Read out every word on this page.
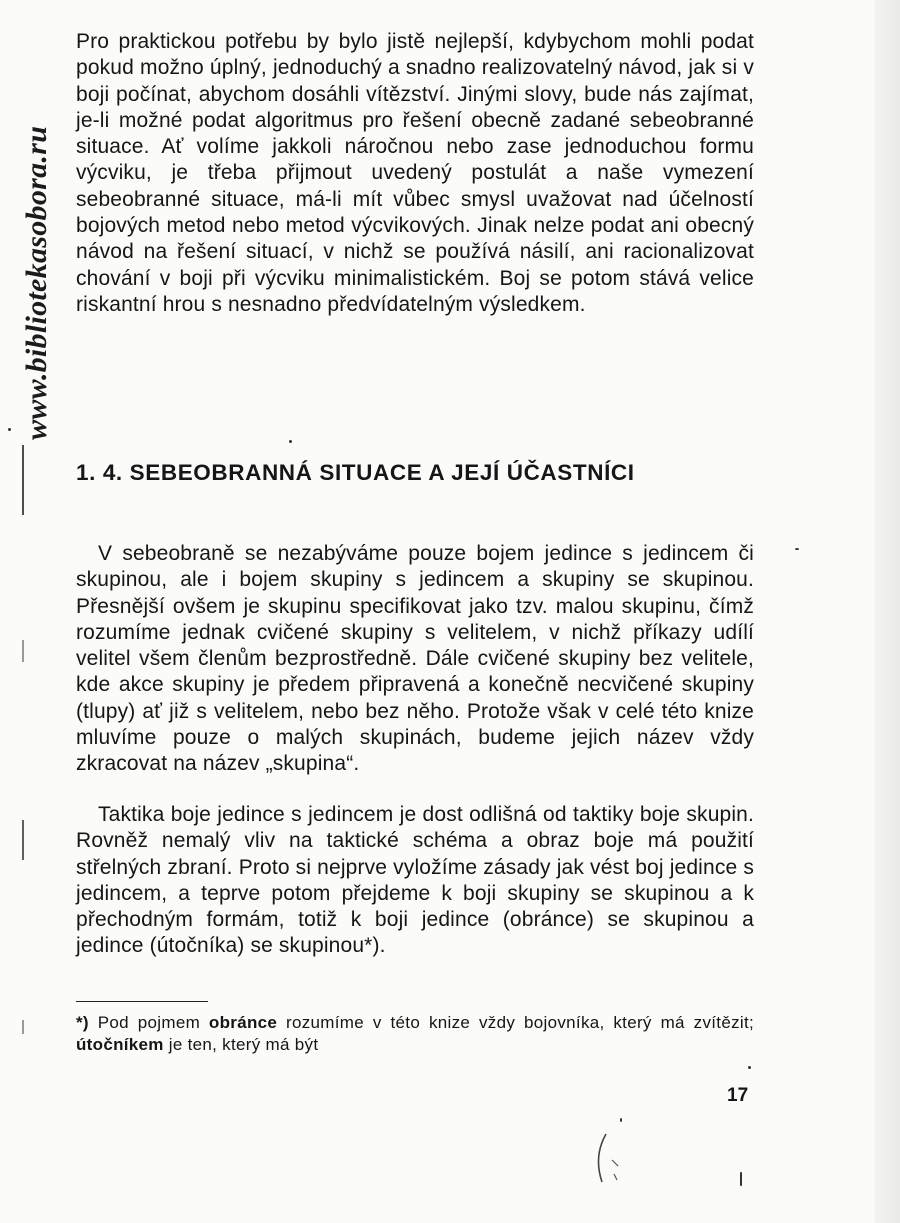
www.bibliotekasobora.ru

Pro praktickou potřebu by bylo jistě nejlepší, kdybychom mohli podat pokud možno úplný, jednoduchý a snadno realizovatelný návod, jak si v boji počínat, abychom dosáhli vítězství. Jinými slovy, bude nás zajímat, je-li možné podat algoritmus pro řešení obecně zadané sebeobranné situace. Ať volíme jakkoli náročnou nebo zase jednoduchou formu výcviku, je třeba přijmout uvedený postulát a naše vymezení sebeobranné situace, má-li mít vůbec smysl uvažovat nad účelností bojových metod nebo metod výcvikových. Jinak nelze podat ani obecný návod na řešení situací, v nichž se používá násilí, ani racionalizovat chování v boji při výcviku minimalistickém. Boj se potom stává velice riskantní hrou s nesnadno předvídatelným výsledkem.

1. 4. SEBEOBRANNÁ SITUACE A JEJÍ ÚČASTNÍCI

V sebeobraně se nezabýváme pouze bojem jedince s jedincem či skupinou, ale i bojem skupiny s jedincem a skupiny se skupinou. Přesnější ovšem je skupinu specifikovat jako tzv. malou skupinu, čímž rozumíme jednak cvičené skupiny s velitelem, v nichž příkazy udílí velitel všem členům bezprostředně. Dále cvičené skupiny bez velitele, kde akce skupiny je předem připravená a konečně necvičené skupiny (tlupy) ať již s velitelem, nebo bez něho. Protože však v celé této knize mluvíme pouze o malých skupinách, budeme jejich název vždy zkracovat na název „skupina“.

Taktika boje jedince s jedincem je dost odlišná od taktiky boje skupin. Rovněž nemalý vliv na taktické schéma a obraz boje má použití střelných zbraní. Proto si nejprve vyložíme zásady jak vést boj jedince s jedincem, a teprve potom přejdeme k boji skupiny se skupinou a k přechodným formám, totiž k boji jedince (obránce) se skupinou a jedince (útočníka) se skupinou*).

*) Pod pojmem obránce rozumíme v této knize vždy bojovníka, který má zvítězit; útočníkem je ten, který má být

17
